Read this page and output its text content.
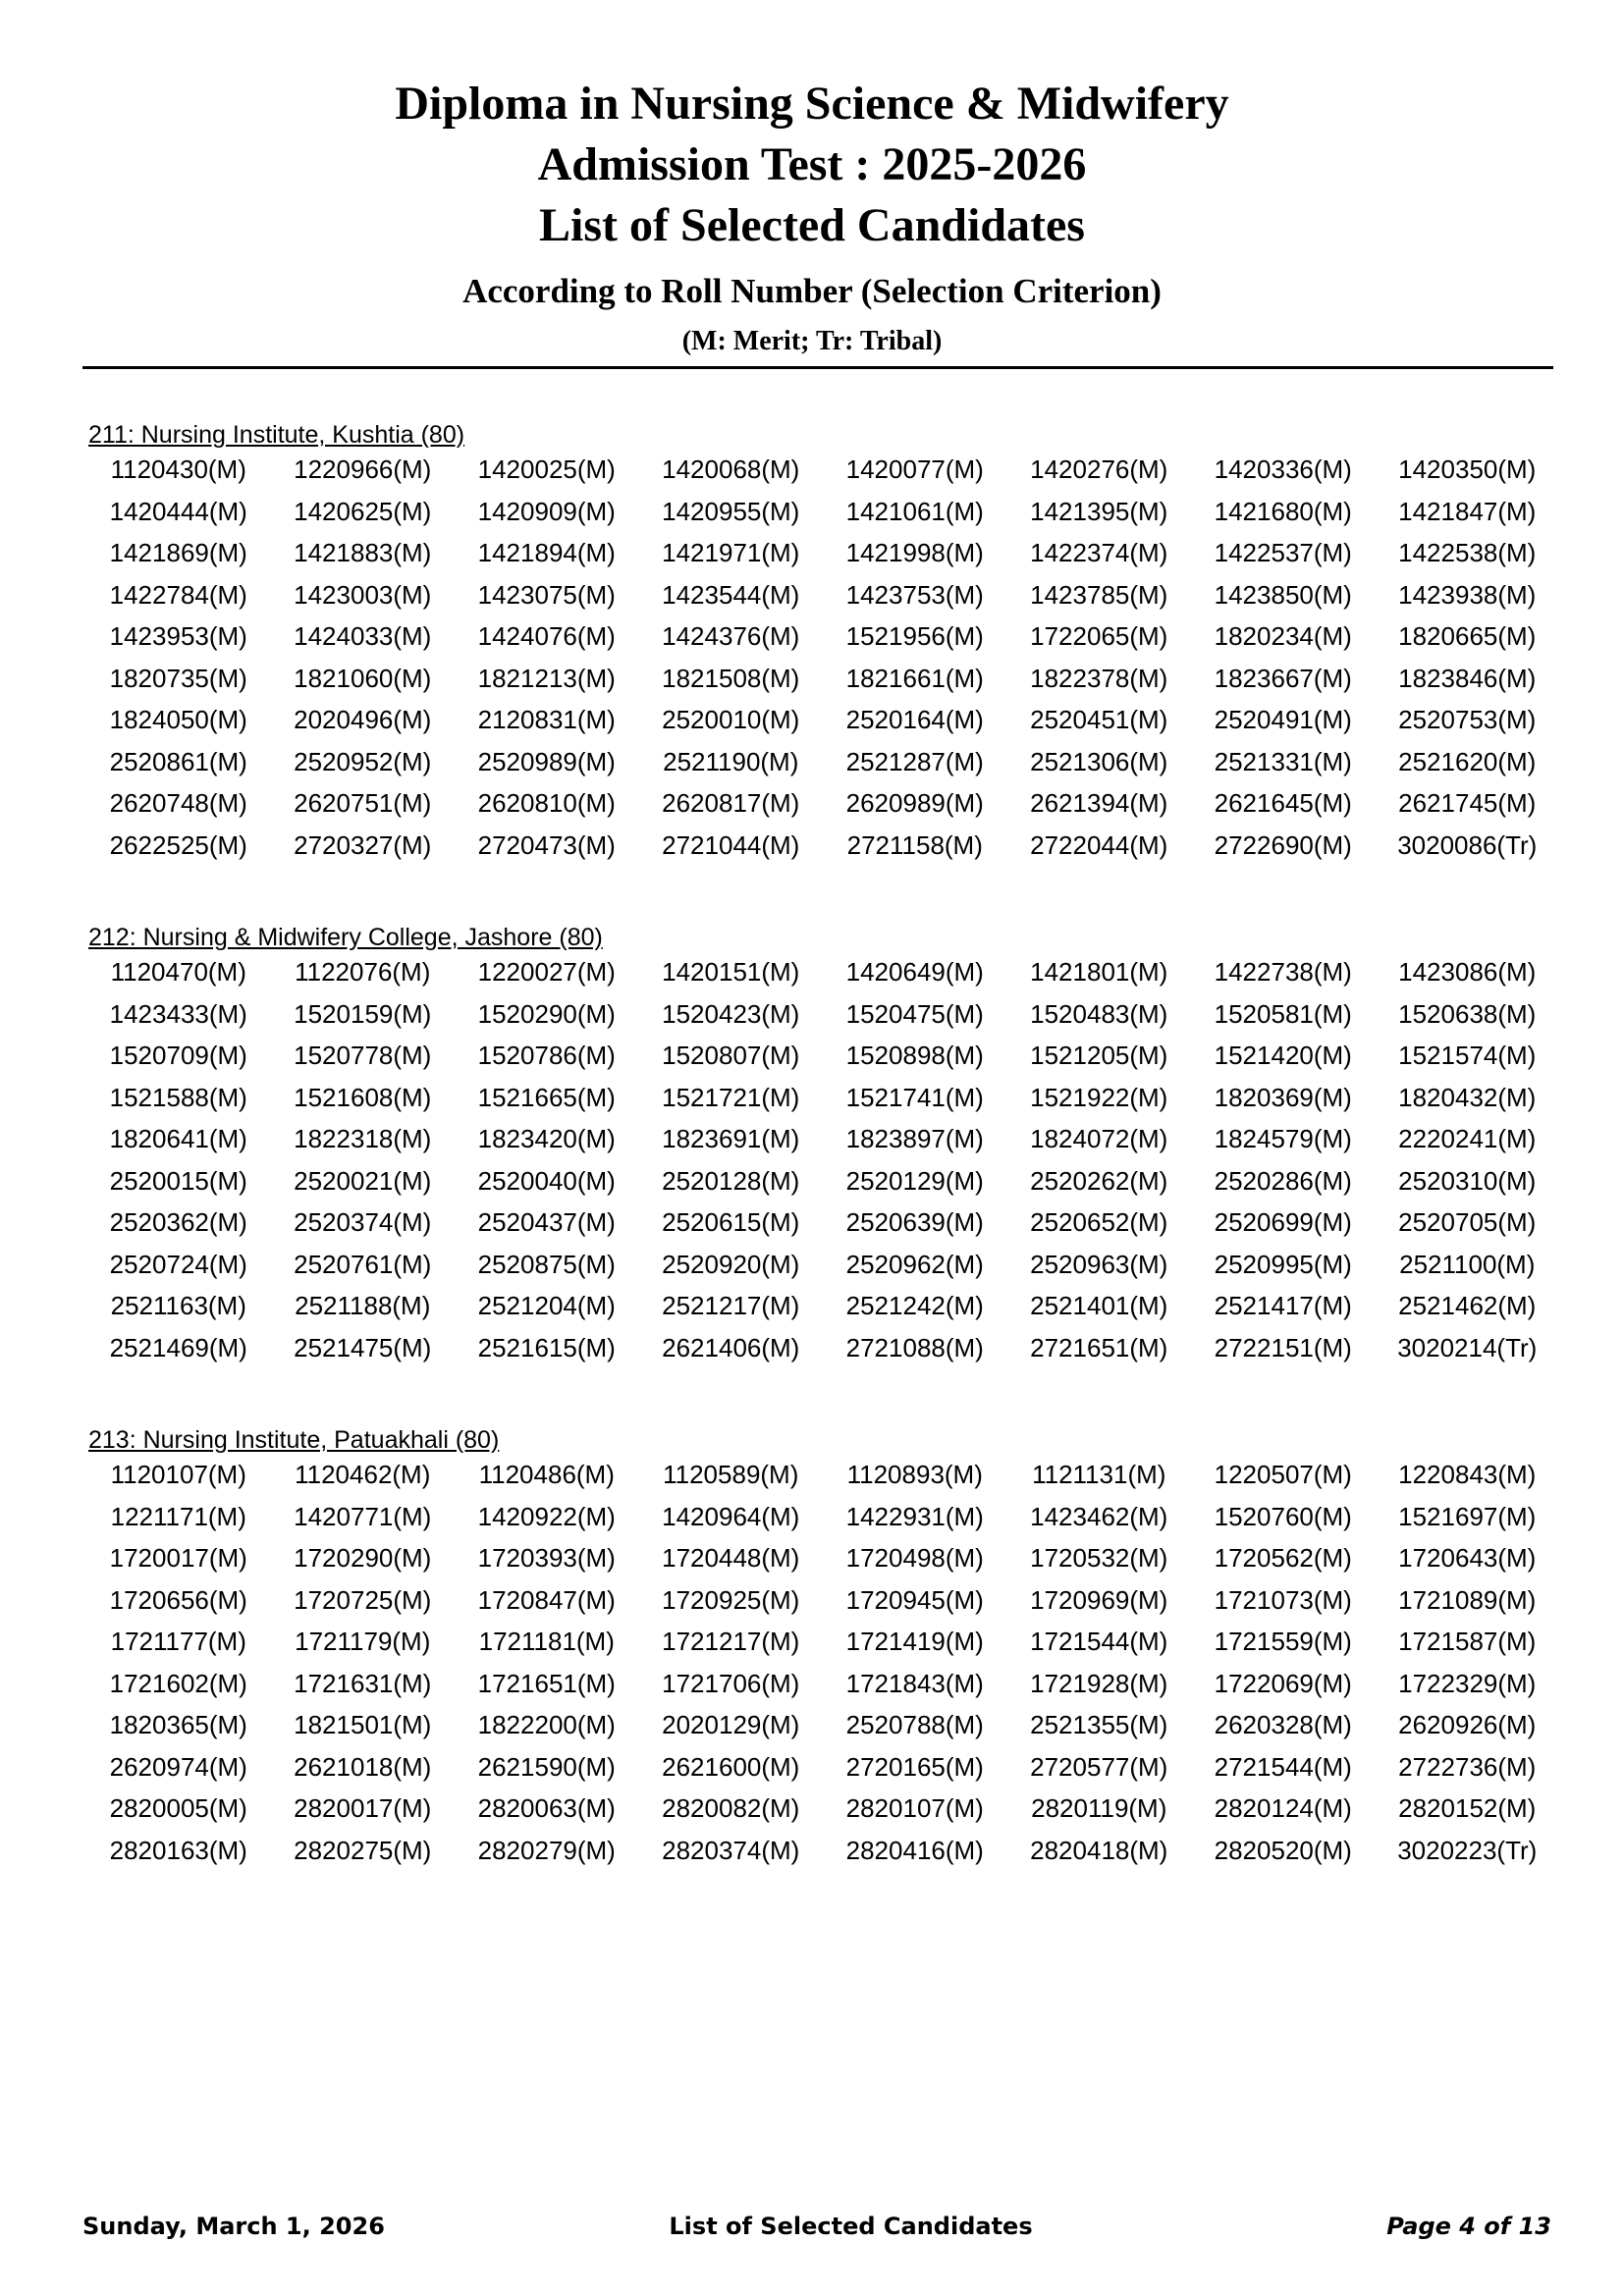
Diploma in Nursing Science & Midwifery
Admission Test : 2025-2026
List of Selected Candidates
According to Roll Number (Selection Criterion)
(M: Merit; Tr: Tribal)
211: Nursing Institute, Kushtia (80)
1120430(M)	1220966(M)	1420025(M)	1420068(M)	1420077(M)	1420276(M)	1420336(M)	1420350(M)
1420444(M)	1420625(M)	1420909(M)	1420955(M)	1421061(M)	1421395(M)	1421680(M)	1421847(M)
1421869(M)	1421883(M)	1421894(M)	1421971(M)	1421998(M)	1422374(M)	1422537(M)	1422538(M)
1422784(M)	1423003(M)	1423075(M)	1423544(M)	1423753(M)	1423785(M)	1423850(M)	1423938(M)
1423953(M)	1424033(M)	1424076(M)	1424376(M)	1521956(M)	1722065(M)	1820234(M)	1820665(M)
1820735(M)	1821060(M)	1821213(M)	1821508(M)	1821661(M)	1822378(M)	1823667(M)	1823846(M)
1824050(M)	2020496(M)	2120831(M)	2520010(M)	2520164(M)	2520451(M)	2520491(M)	2520753(M)
2520861(M)	2520952(M)	2520989(M)	2521190(M)	2521287(M)	2521306(M)	2521331(M)	2521620(M)
2620748(M)	2620751(M)	2620810(M)	2620817(M)	2620989(M)	2621394(M)	2621645(M)	2621745(M)
2622525(M)	2720327(M)	2720473(M)	2721044(M)	2721158(M)	2722044(M)	2722690(M)	3020086(Tr)
212: Nursing & Midwifery College, Jashore (80)
1120470(M)	1122076(M)	1220027(M)	1420151(M)	1420649(M)	1421801(M)	1422738(M)	1423086(M)
1423433(M)	1520159(M)	1520290(M)	1520423(M)	1520475(M)	1520483(M)	1520581(M)	1520638(M)
1520709(M)	1520778(M)	1520786(M)	1520807(M)	1520898(M)	1521205(M)	1521420(M)	1521574(M)
1521588(M)	1521608(M)	1521665(M)	1521721(M)	1521741(M)	1521922(M)	1820369(M)	1820432(M)
1820641(M)	1822318(M)	1823420(M)	1823691(M)	1823897(M)	1824072(M)	1824579(M)	2220241(M)
2520015(M)	2520021(M)	2520040(M)	2520128(M)	2520129(M)	2520262(M)	2520286(M)	2520310(M)
2520362(M)	2520374(M)	2520437(M)	2520615(M)	2520639(M)	2520652(M)	2520699(M)	2520705(M)
2520724(M)	2520761(M)	2520875(M)	2520920(M)	2520962(M)	2520963(M)	2520995(M)	2521100(M)
2521163(M)	2521188(M)	2521204(M)	2521217(M)	2521242(M)	2521401(M)	2521417(M)	2521462(M)
2521469(M)	2521475(M)	2521615(M)	2621406(M)	2721088(M)	2721651(M)	2722151(M)	3020214(Tr)
213: Nursing Institute, Patuakhali (80)
1120107(M)	1120462(M)	1120486(M)	1120589(M)	1120893(M)	1121131(M)	1220507(M)	1220843(M)
1221171(M)	1420771(M)	1420922(M)	1420964(M)	1422931(M)	1423462(M)	1520760(M)	1521697(M)
1720017(M)	1720290(M)	1720393(M)	1720448(M)	1720498(M)	1720532(M)	1720562(M)	1720643(M)
1720656(M)	1720725(M)	1720847(M)	1720925(M)	1720945(M)	1720969(M)	1721073(M)	1721089(M)
1721177(M)	1721179(M)	1721181(M)	1721217(M)	1721419(M)	1721544(M)	1721559(M)	1721587(M)
1721602(M)	1721631(M)	1721651(M)	1721706(M)	1721843(M)	1721928(M)	1722069(M)	1722329(M)
1820365(M)	1821501(M)	1822200(M)	2020129(M)	2520788(M)	2521355(M)	2620328(M)	2620926(M)
2620974(M)	2621018(M)	2621590(M)	2621600(M)	2720165(M)	2720577(M)	2721544(M)	2722736(M)
2820005(M)	2820017(M)	2820063(M)	2820082(M)	2820107(M)	2820119(M)	2820124(M)	2820152(M)
2820163(M)	2820275(M)	2820279(M)	2820374(M)	2820416(M)	2820418(M)	2820520(M)	3020223(Tr)
Sunday, March 1, 2026	List of Selected Candidates	Page 4 of 13
